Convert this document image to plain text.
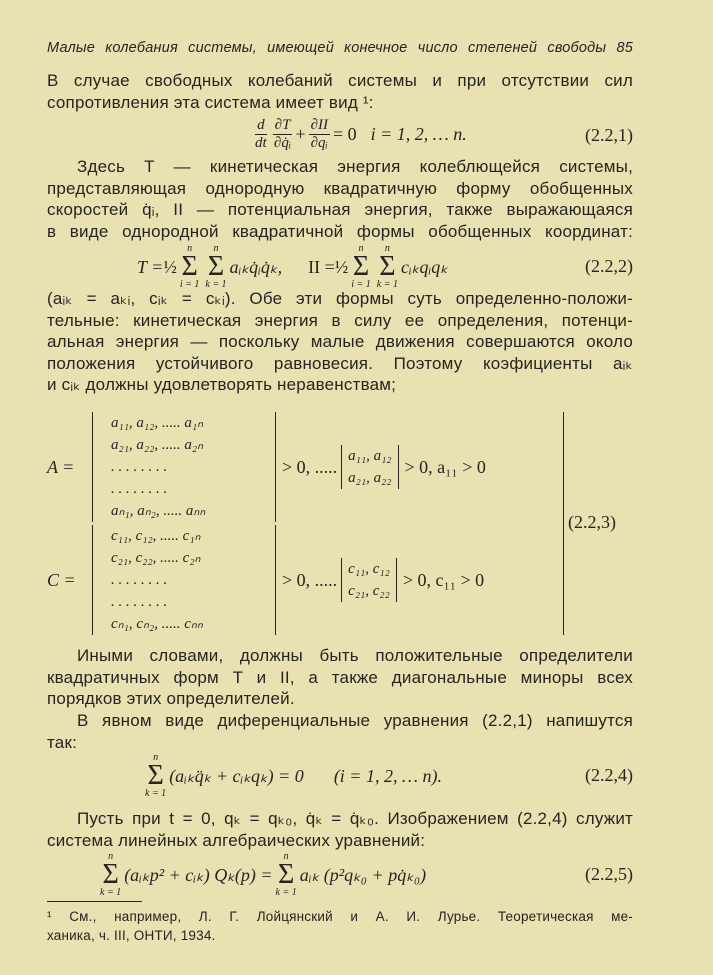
Малые колебания системы, имеющей конечное число степеней свободы 85
В случае свободных колебаний системы и при отсутствии сил
сопротивления эта система имеет вид ¹:
$\frac{d}{dt} \frac{\partial T}{\text{∂q̇ᵢ}} + \frac{\partial II}{\text{∂qᵢ}} = 0$ i = 1, 2, … n.	(2.2,1)
Здесь T — кинетическая энергия колеблющейся системы,
представляющая однородную квадратичную форму обобщенных
скоростей q̇ᵢ, II — потенциальная энергия, также выражающаяся
в виде однородной квадратичной формы обобщенных координат:
T = ½
n
Σ
i = 1
n
Σ
k = 1
aᵢₖq̇ᵢq̇ₖ, II = ½
n
Σ
i = 1
n
Σ
k = 1
cᵢₖqᵢqₖ	(2.2,2)
(aᵢₖ = aₖᵢ, cᵢₖ = cₖᵢ). Обе эти формы суть определенно-положи-
тельные: кинетическая энергия в силу ее определения, потенци-
альная энергия — поскольку малые движения совершаются около
положения устойчивого равновесия. Поэтому коэфициенты aᵢₖ
и cᵢₖ должны удовлетворять неравенствам;
A =
a₁₁, a₁₂, ..... a₁ₙ
a₂₁, a₂₂, ..... a₂ₙ
. . . . . . . .
. . . . . . . .
aₙ₁, aₙ₂, ..... aₙₙ
> 0, .....
a₁₁, a₁₂
a₂₁, a₂₂
> 0, a₁₁ > 0
C =
c₁₁, c₁₂, ..... c₁ₙ
c₂₁, c₂₂, ..... c₂ₙ
. . . . . . . .
. . . . . . . .
cₙ₁, cₙ₂, ..... cₙₙ
> 0, .....
c₁₁, c₁₂
c₂₁, c₂₂
> 0, c₁₁ > 0
(2.2,3)
Иными словами, должны быть положительные определители
квадратичных форм T и II, а также диагональные миноры всех
порядков этих определителей.
В явном виде диференциальные уравнения (2.2,1) напишутся
так:
n
Σ
k = 1
(aᵢₖq̈ₖ + cᵢₖqₖ) = 0 (i = 1, 2, … n).	(2.2,4)
Пусть при t = 0, qₖ = qₖ₀, q̇ₖ = q̇ₖ₀. Изображением (2.2,4) служит
система линейных алгебраических уравнений:
n
Σ
k = 1
(aᵢₖp² + cᵢₖ) Qₖ(p) =
n
Σ
k = 1
aᵢₖ (p²qₖ₀ + pq̇ₖ₀)	(2.2,5)
¹ См., например, Л. Г. Лойцянский и А. И. Лурье. Теоретическая ме-
ханика, ч. III, ОНТИ, 1934.
